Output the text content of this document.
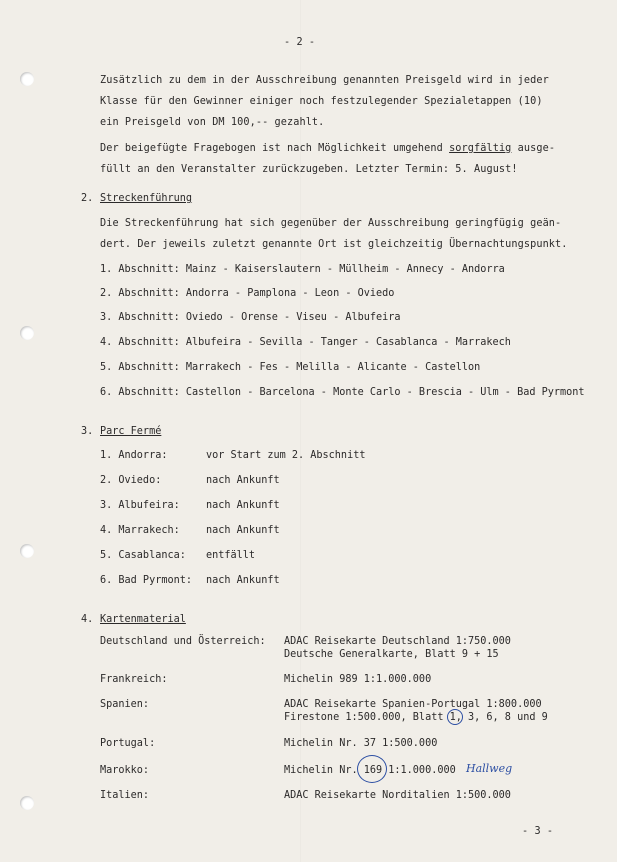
- 2 -
Zusätzlich zu dem in der Ausschreibung genannten Preisgeld wird in jeder
Klasse für den Gewinner einiger noch festzulegender Spezialetappen (10)
ein Preisgeld von DM 100,-- gezahlt.
Der beigefügte Fragebogen ist nach Möglichkeit umgehend sorgfältig ausge-
füllt an den Veranstalter zurückzugeben. Letzter Termin: 5. August!
2. Streckenführung
Die Streckenführung hat sich gegenüber der Ausschreibung geringfügig geän-
dert. Der jeweils zuletzt genannte Ort ist gleichzeitig Übernachtungspunkt.
1. Abschnitt: Mainz - Kaiserslautern - Müllheim - Annecy - Andorra
2. Abschnitt: Andorra - Pamplona - Leon - Oviedo
3. Abschnitt: Oviedo - Orense - Viseu - Albufeira
4. Abschnitt: Albufeira - Sevilla - Tanger - Casablanca - Marrakech
5. Abschnitt: Marrakech - Fes - Melilla - Alicante - Castellon
6. Abschnitt: Castellon - Barcelona - Monte Carlo - Brescia - Ulm - Bad Pyrmont
3. Parc Fermé
1. Andorra:	vor Start zum 2. Abschnitt
2. Oviedo:	nach Ankunft
3. Albufeira:	nach Ankunft
4. Marrakech:	nach Ankunft
5. Casablanca: entfällt
6. Bad Pyrmont: nach Ankunft
4. Kartenmaterial
Deutschland und Österreich: ADAC Reisekarte Deutschland 1:750.000
Deutsche Generalkarte, Blatt 9 + 15
Frankreich:	Michelin 989 1:1.000.000
Spanien:	ADAC Reisekarte Spanien-Portugal 1:800.000
Firestone 1:500.000, Blatt 1, 3, 6, 8 und 9
Portugal:	Michelin Nr. 37 1:500.000
Marokko:	Michelin Nr. 169 1:1.000.000 Hallweg
Italien:	ADAC Reisekarte Norditalien 1:500.000
- 3 -
